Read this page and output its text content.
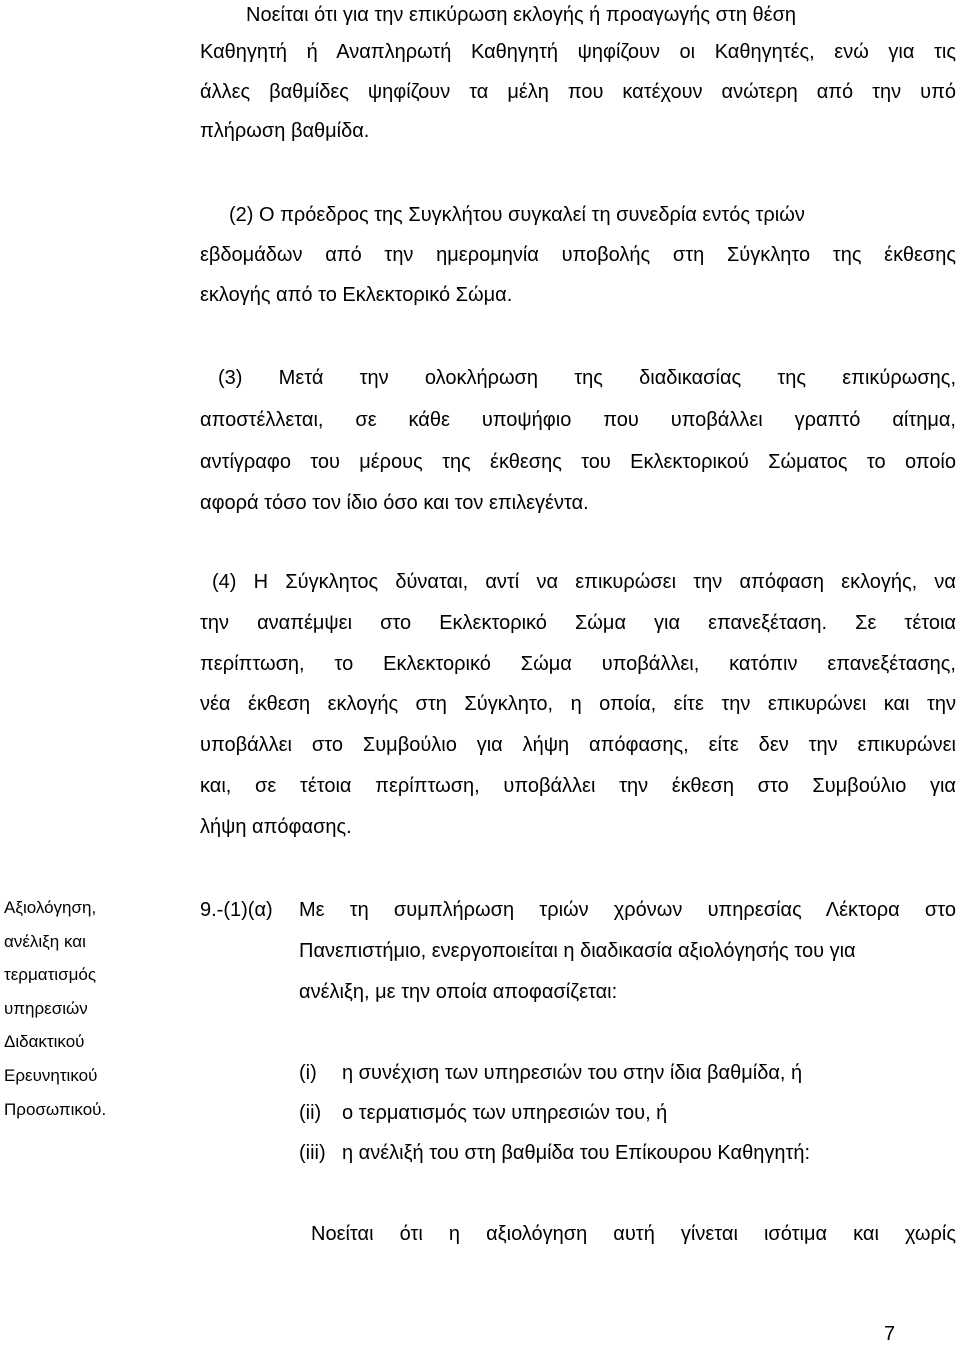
Νοείται ότι για την επικύρωση εκλογής ή προαγωγής στη θέση
Καθηγητή ή Αναπληρωτή Καθηγητή ψηφίζουν οι Καθηγητές, ενώ για τις
άλλες βαθμίδες ψηφίζουν τα μέλη που κατέχουν ανώτερη από την υπό
πλήρωση βαθμίδα.
(2) Ο πρόεδρος της Συγκλήτου συγκαλεί τη συνεδρία εντός τριών
εβδομάδων από την ημερομηνία υποβολής στη Σύγκλητο της έκθεσης
εκλογής από το Εκλεκτορικό Σώμα.
(3) Μετά την ολοκλήρωση της διαδικασίας της επικύρωσης,
αποστέλλεται, σε κάθε υποψήφιο που υποβάλλει γραπτό αίτημα,
αντίγραφο του μέρους της έκθεσης του Εκλεκτορικού Σώματος το οποίο
αφορά τόσο τον ίδιο όσο και τον επιλεγέντα.
(4) Η Σύγκλητος δύναται, αντί να επικυρώσει την απόφαση εκλογής, να
την αναπέμψει στο Εκλεκτορικό Σώμα για επανεξέταση. Σε τέτοια
περίπτωση, το Εκλεκτορικό Σώμα υποβάλλει, κατόπιν επανεξέτασης,
νέα έκθεση εκλογής στη Σύγκλητο, η οποία, είτε την επικυρώνει και την
υποβάλλει στο Συμβούλιο για λήψη απόφασης, είτε δεν την επικυρώνει
και, σε τέτοια περίπτωση, υποβάλλει την έκθεση στο Συμβούλιο για
λήψη απόφασης.
Αξιολόγηση,
ανέλιξη και
τερματισμός
υπηρεσιών
Διδακτικού
Ερευνητικού
Προσωπικού.
9.-(1)(α) Με τη συμπλήρωση τριών χρόνων υπηρεσίας Λέκτορα στο
Πανεπιστήμιο, ενεργοποιείται η διαδικασία αξιολόγησής του για
ανέλιξη, με την οποία αποφασίζεται:
(i) η συνέχιση των υπηρεσιών του στην ίδια βαθμίδα, ή
(ii) ο τερματισμός των υπηρεσιών του, ή
(iii) η ανέλιξή του στη βαθμίδα του Επίκουρου Καθηγητή:
Νοείται ότι η αξιολόγηση αυτή γίνεται ισότιμα και χωρίς
7
